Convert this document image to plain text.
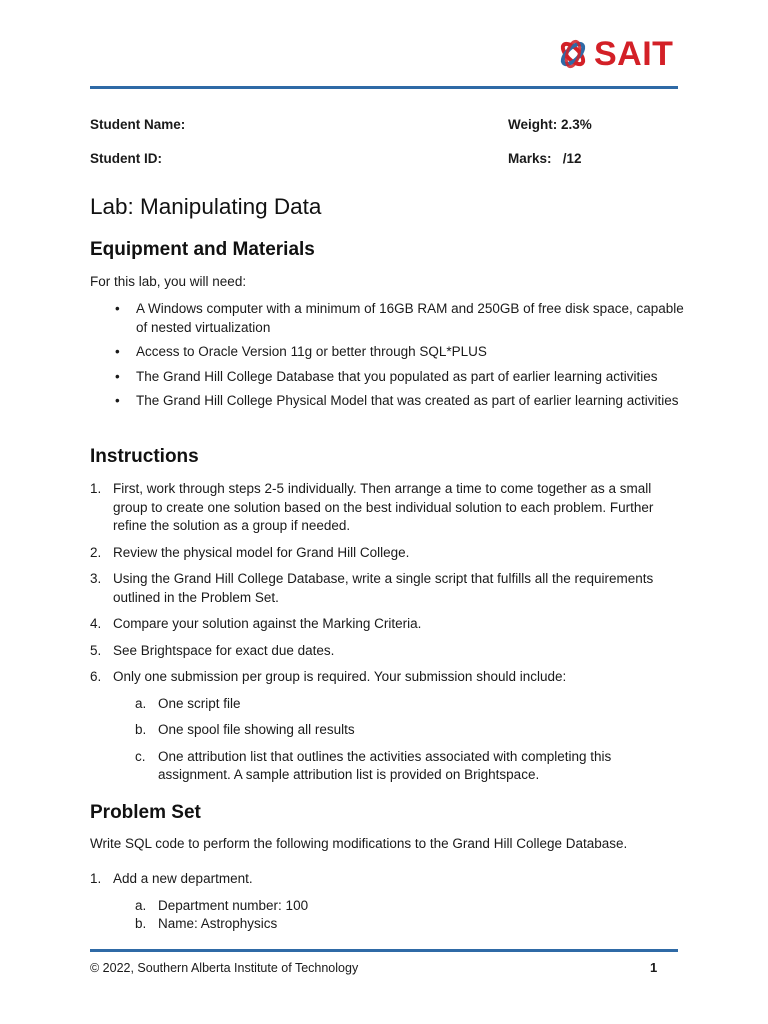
SAIT
Student Name:	Weight: 2.3%
Student ID:	Marks:   /12
Lab: Manipulating Data
Equipment and Materials
For this lab, you will need:
• A Windows computer with a minimum of 16GB RAM and 250GB of free disk space, capable of nested virtualization
• Access to Oracle Version 11g or better through SQL*PLUS
• The Grand Hill College Database that you populated as part of earlier learning activities
• The Grand Hill College Physical Model that was created as part of earlier learning activities
Instructions
1. First, work through steps 2-5 individually. Then arrange a time to come together as a small group to create one solution based on the best individual solution to each problem. Further refine the solution as a group if needed.
2. Review the physical model for Grand Hill College.
3. Using the Grand Hill College Database, write a single script that fulfills all the requirements outlined in the Problem Set.
4. Compare your solution against the Marking Criteria.
5. See Brightspace for exact due dates.
6. Only one submission per group is required. Your submission should include:
a. One script file
b. One spool file showing all results
c. One attribution list that outlines the activities associated with completing this assignment. A sample attribution list is provided on Brightspace.
Problem Set
Write SQL code to perform the following modifications to the Grand Hill College Database.
1. Add a new department.
a. Department number: 100
b. Name: Astrophysics
© 2022, Southern Alberta Institute of Technology	1
